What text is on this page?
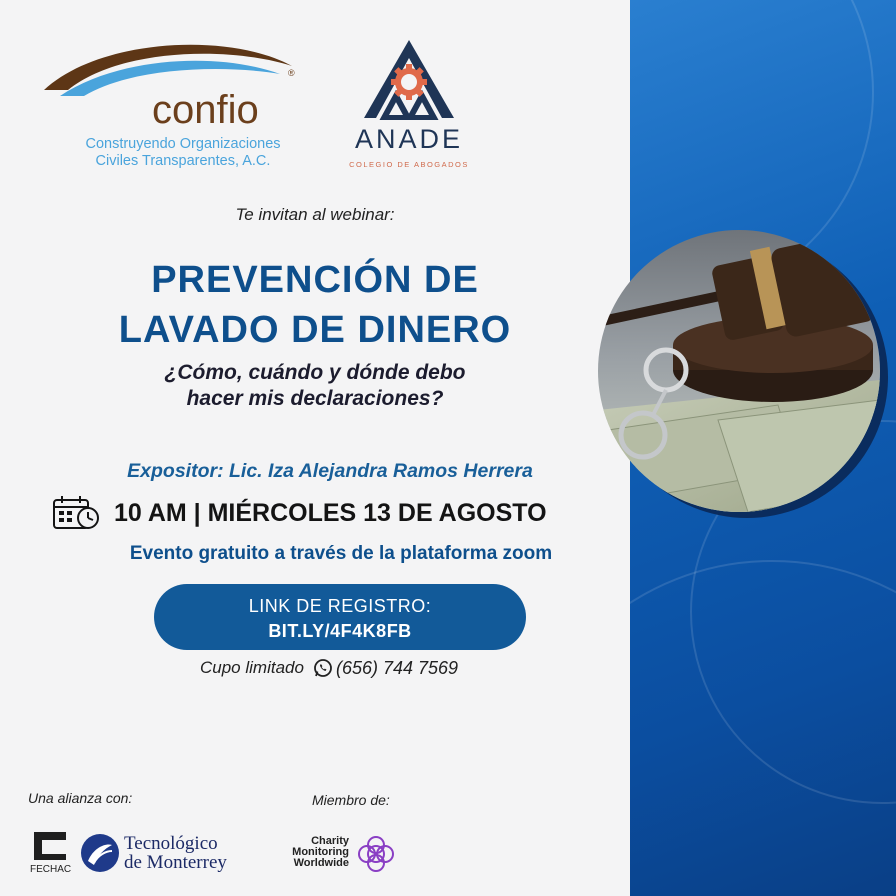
confio
®
Construyendo Organizaciones
Civiles Transparentes, A.C.
ANADE
COLEGIO DE ABOGADOS
Te invitan al webinar:
PREVENCIÓN DE
LAVADO DE DINERO
¿Cómo, cuándo y dónde debo
hacer mis declaraciones?
Expositor: Lic. Iza Alejandra Ramos Herrera
10 AM | MIÉRCOLES 13 DE AGOSTO
Evento gratuito a través de la plataforma zoom
LINK DE REGISTRO:
BIT.LY/4F4K8FB
Cupo limitado (656) 744 7569
Una alianza con:	Miembro de:
FECHAC
Tecnológico
de Monterrey
Charity
Monitoring
Worldwide
